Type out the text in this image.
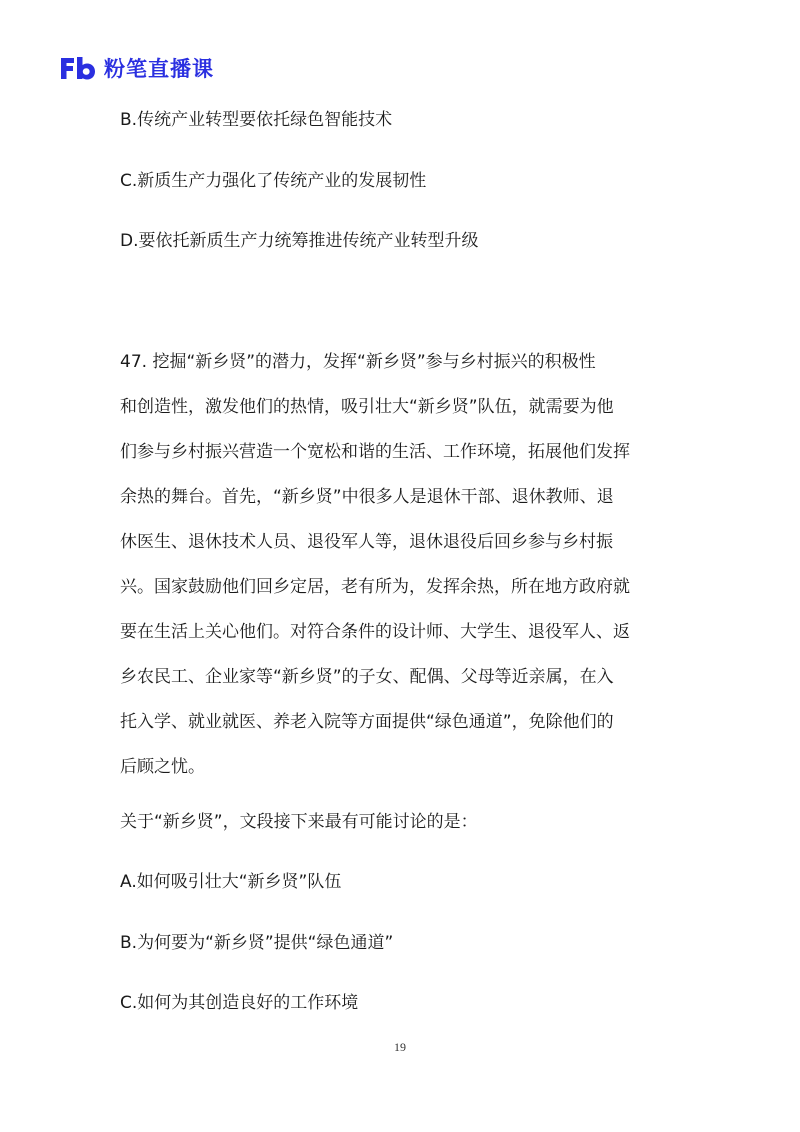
粉笔直播课
B.传统产业转型要依托绿色智能技术
C.新质生产力强化了传统产业的发展韧性
D.要依托新质生产力统筹推进传统产业转型升级
47. 挖掘“新乡贤”的潜力，发挥“新乡贤”参与乡村振兴的积极性
和创造性，激发他们的热情，吸引壮大“新乡贤”队伍，就需要为他
们参与乡村振兴营造一个宽松和谐的生活、工作环境，拓展他们发挥
余热的舞台。首先，“新乡贤”中很多人是退休干部、退休教师、退
休医生、退休技术人员、退役军人等，退休退役后回乡参与乡村振
兴。国家鼓励他们回乡定居，老有所为，发挥余热，所在地方政府就
要在生活上关心他们。对符合条件的设计师、大学生、退役军人、返
乡农民工、企业家等“新乡贤”的子女、配偶、父母等近亲属，在入
托入学、就业就医、养老入院等方面提供“绿色通道”，免除他们的
后顾之忧。
关于“新乡贤”，文段接下来最有可能讨论的是：
A.如何吸引壮大“新乡贤”队伍
B.为何要为“新乡贤”提供“绿色通道”
C.如何为其创造良好的工作环境
19
